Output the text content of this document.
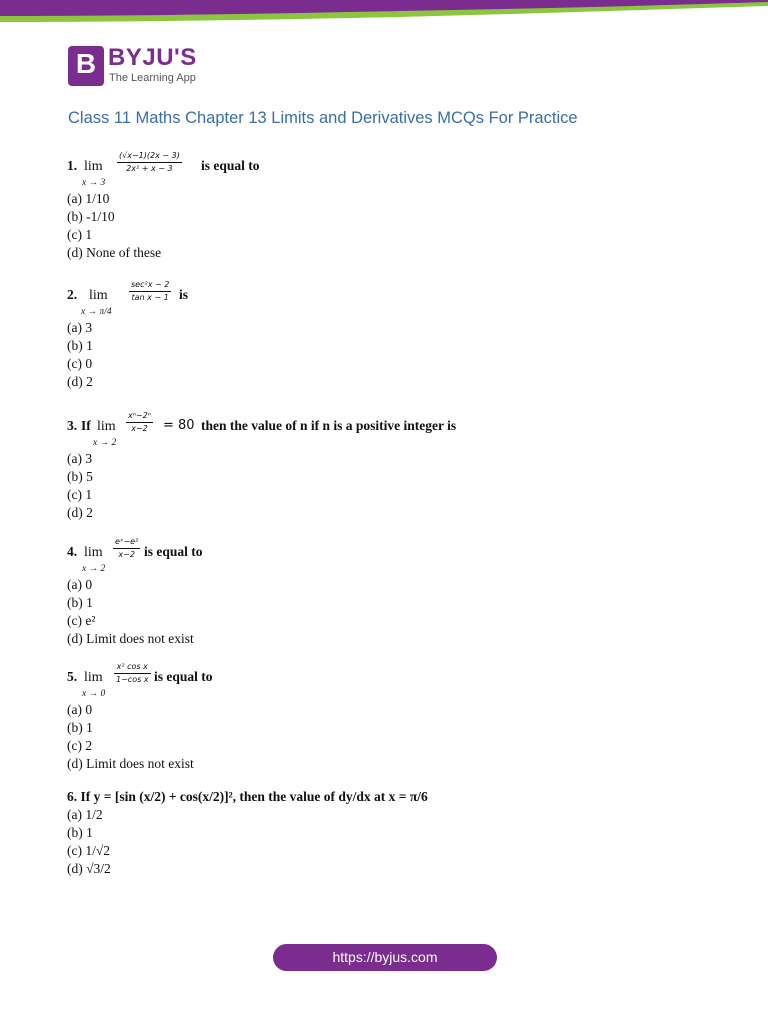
B BYJU'S
The Learning App
Class 11 Maths Chapter 13 Limits and Derivatives MCQs For Practice
1. lim
x → 3
$\frac{(√x-1)(2x - 3)}{\text{2x² + x − 3}}$ is equal to
(a) 1/10
(b) -1/10
(c) 1
(d) None of these
2. lim
x → π/4
sec²x − 2
tan x − 1 is
(a) 3
(b) 1
(c) 0
(d) 2
3. If lim
x → 2
$\frac{\text{xⁿ−2ⁿ}}{x-2} = 80$ then the value of n if n is a positive integer is
(a) 3
(b) 5
(c) 1
(d) 2
4. lim
x → 2
$\frac{\text{eˣ−e²}}{x-2}$ is equal to
(a) 0
(b) 1
(c) e²
(d) Limit does not exist
5. lim
x → 0
$\frac{\text{x² cos x}}{\text{1−cos x}}$ is equal to
(a) 0
(b) 1
(c) 2
(d) Limit does not exist
6. If y = [sin (x/2) + cos(x/2)]², then the value of dy/dx at x = π/6
(a) 1/2
(b) 1
(c) 1/√2
(d) √3/2
https://byjus.com
